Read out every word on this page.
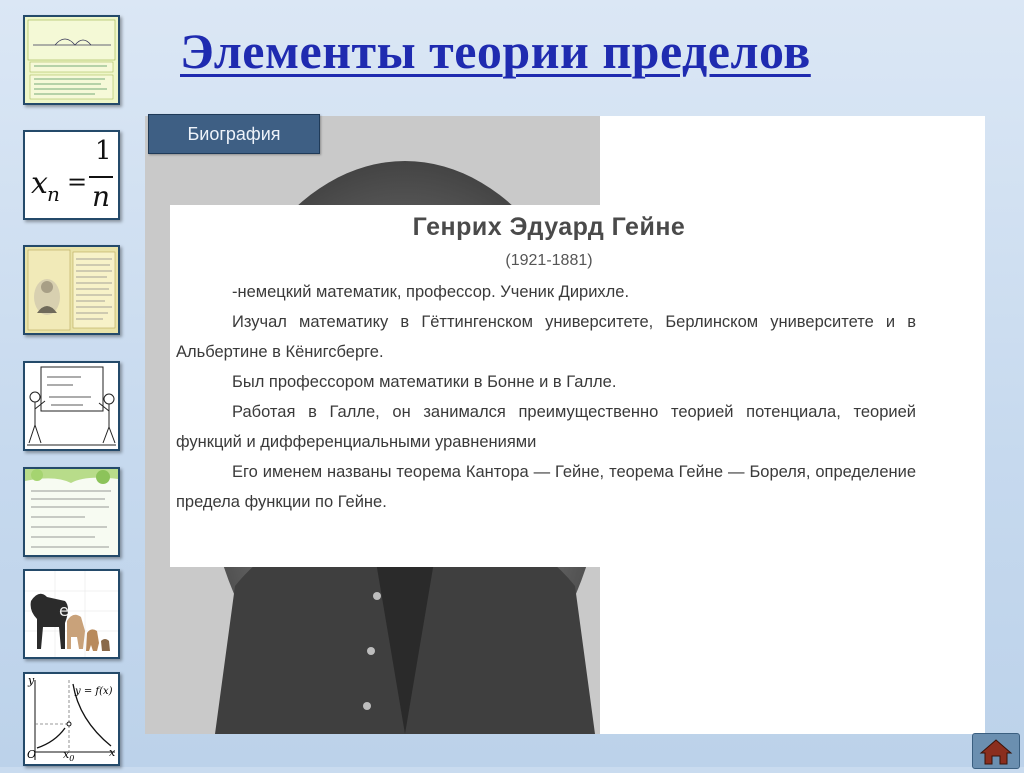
Элементы теории пределов
x n =
1
n
e
y
y = f(x)
O $x_0$	x
Биография
Генрих Эдуард Гейне
(1921-1881)
-немецкий математик, профессор. Ученик Дирихле.
Изучал математику в Гёттингенском университете, Берлинском университете и в Альбертине в Кёнигсберге.
Был профессором математики в Бонне и в Галле.
Работая в Галле, он занимался преимущественно теорией потенциала, теорией функций и дифференциальными уравнениями
Его именем названы теорема Кантора — Гейне, теорема Гейне — Бореля, определение предела функции по Гейне.
